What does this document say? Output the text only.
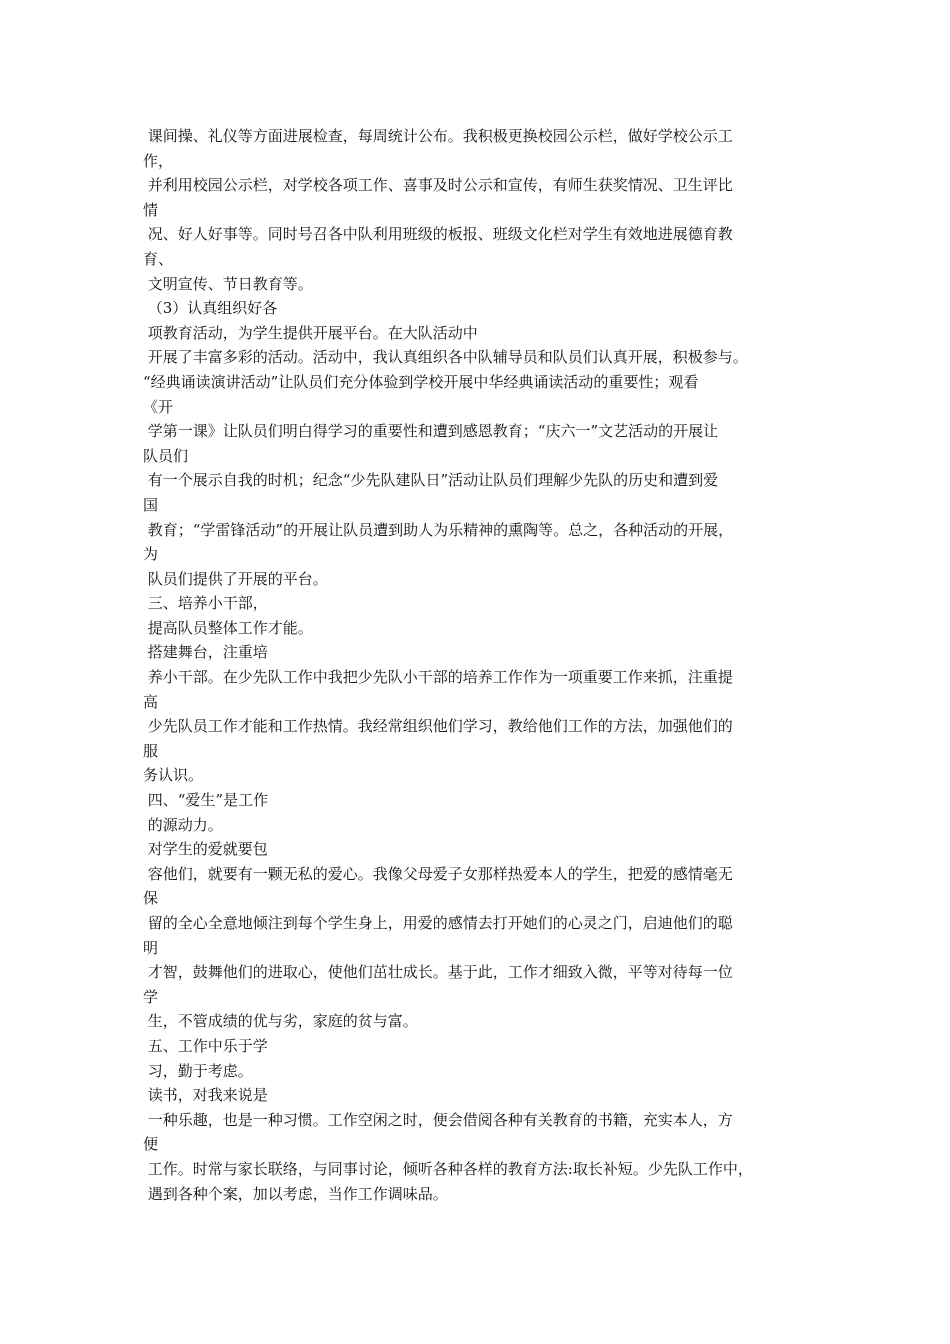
课间操、礼仪等方面进展检查，每周统计公布。我积极更换校园公示栏，做好学校公示工
作，
并利用校园公示栏，对学校各项工作、喜事及时公示和宣传，有师生获奖情况、卫生评比
情
况、好人好事等。同时号召各中队利用班级的板报、班级文化栏对学生有效地进展德育教
育、
文明宣传、节日教育等。
（3）认真组织好各
项教育活动，为学生提供开展平台。在大队活动中
开展了丰富多彩的活动。活动中，我认真组织各中队辅导员和队员们认真开展，积极参与。
“经典诵读演讲活动”让队员们充分体验到学校开展中华经典诵读活动的重要性；观看
《开
学第一课》让队员们明白得学习的重要性和遭到感恩教育；“庆六一”文艺活动的开展让
队员们
有一个展示自我的时机；纪念“少先队建队日”活动让队员们理解少先队的历史和遭到爱
国
教育；“学雷锋活动”的开展让队员遭到助人为乐精神的熏陶等。总之，各种活动的开展，
为
队员们提供了开展的平台。
三、培养小干部，
提高队员整体工作才能。
搭建舞台，注重培
养小干部。在少先队工作中我把少先队小干部的培养工作作为一项重要工作来抓，注重提
高
少先队员工作才能和工作热情。我经常组织他们学习，教给他们工作的方法，加强他们的
服
务认识。
四、“爱生”是工作
的源动力。
对学生的爱就要包
容他们，就要有一颗无私的爱心。我像父母爱子女那样热爱本人的学生，把爱的感情毫无
保
留的全心全意地倾注到每个学生身上，用爱的感情去打开她们的心灵之门，启迪他们的聪
明
才智，鼓舞他们的进取心，使他们茁壮成长。基于此，工作才细致入微，平等对待每一位
学
生，不管成绩的优与劣，家庭的贫与富。
五、工作中乐于学
习，勤于考虑。
读书，对我来说是
一种乐趣，也是一种习惯。工作空闲之时，便会借阅各种有关教育的书籍，充实本人，方
便
工作。时常与家长联络，与同事讨论，倾听各种各样的教育方法:取长补短。少先队工作中，
遇到各种个案，加以考虑，当作工作调味品。
